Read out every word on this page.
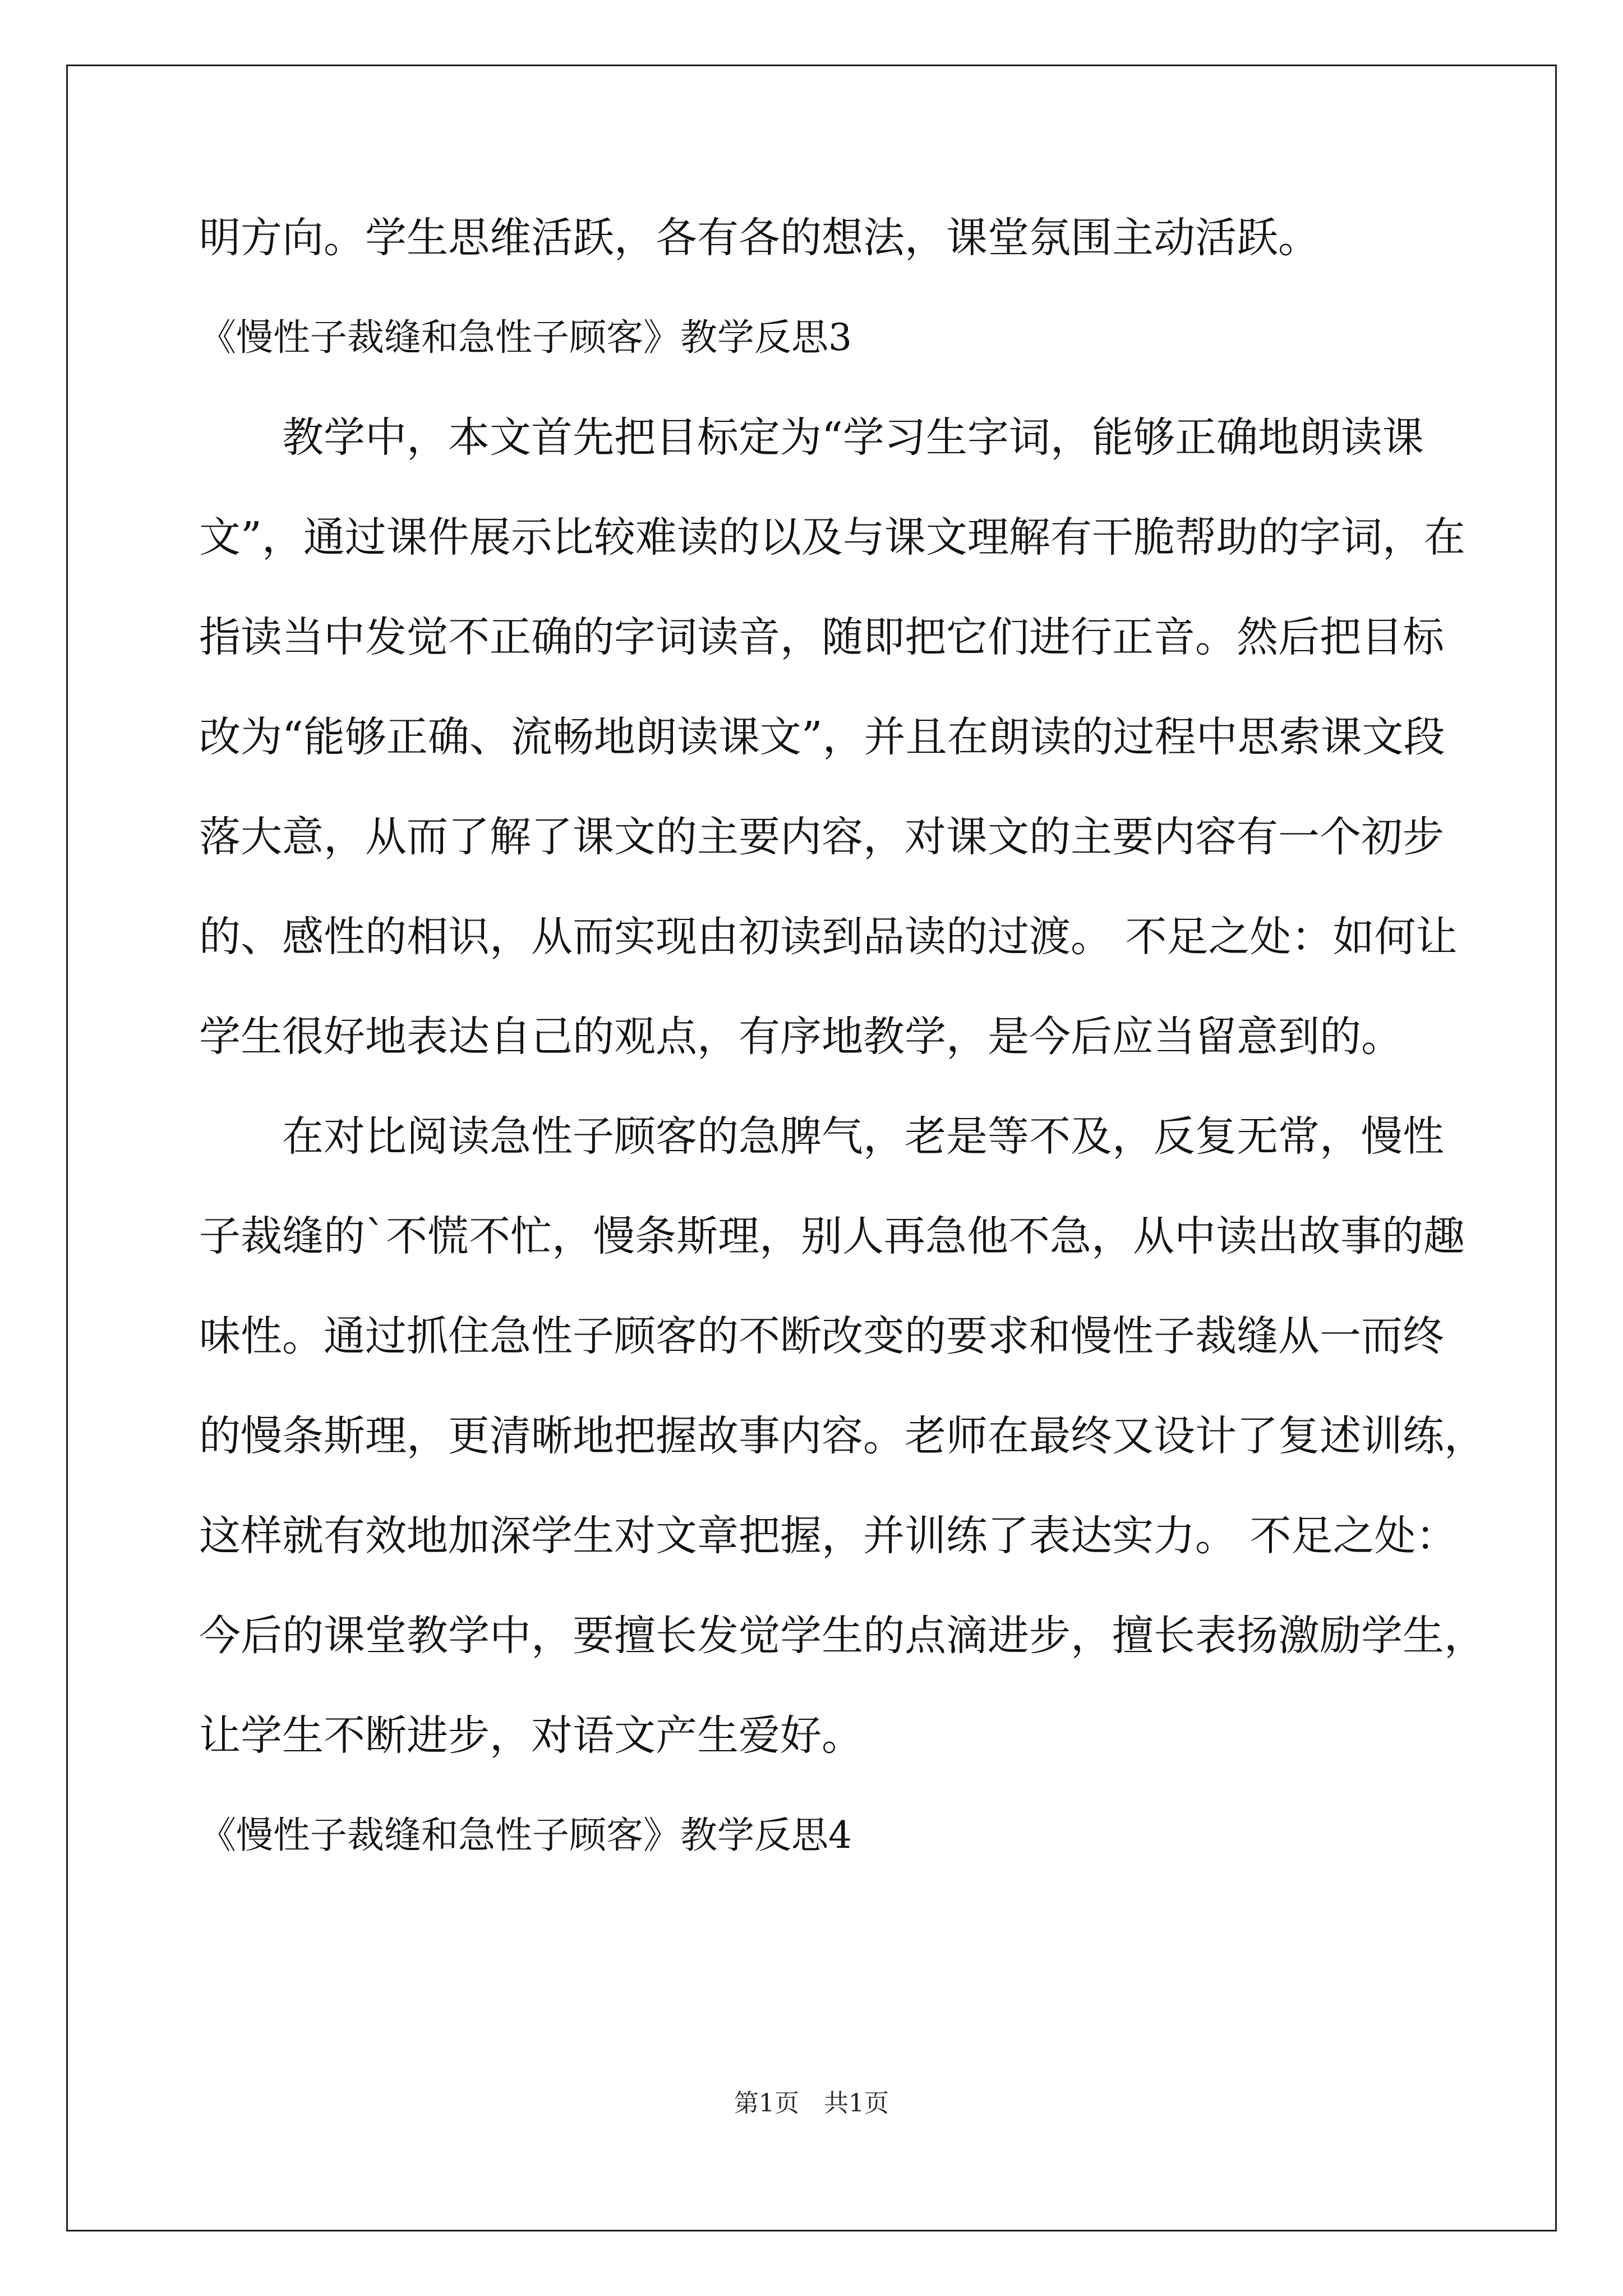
明方向。学生思维活跃，各有各的想法，课堂氛围主动活跃。
《慢性子裁缝和急性子顾客》教学反思3
教学中，本文首先把目标定为“学习生字词，能够正确地朗读课
文”，通过课件展示比较难读的以及与课文理解有干脆帮助的字词，在
指读当中发觉不正确的字词读音，随即把它们进行正音。然后把目标
改为“能够正确、流畅地朗读课文”，并且在朗读的过程中思索课文段
落大意，从而了解了课文的主要内容，对课文的主要内容有一个初步
的、感性的相识，从而实现由初读到品读的过渡。 不足之处：如何让
学生很好地表达自己的观点，有序地教学，是今后应当留意到的。
在对比阅读急性子顾客的急脾气，老是等不及，反复无常，慢性
子裁缝的`不慌不忙，慢条斯理，别人再急他不急，从中读出故事的趣
味性。通过抓住急性子顾客的不断改变的要求和慢性子裁缝从一而终
的慢条斯理，更清晰地把握故事内容。老师在最终又设计了复述训练，
这样就有效地加深学生对文章把握，并训练了表达实力。 不足之处：
今后的课堂教学中，要擅长发觉学生的点滴进步，擅长表扬激励学生，
让学生不断进步，对语文产生爱好。
《慢性子裁缝和急性子顾客》教学反思4
第1页　共1页
